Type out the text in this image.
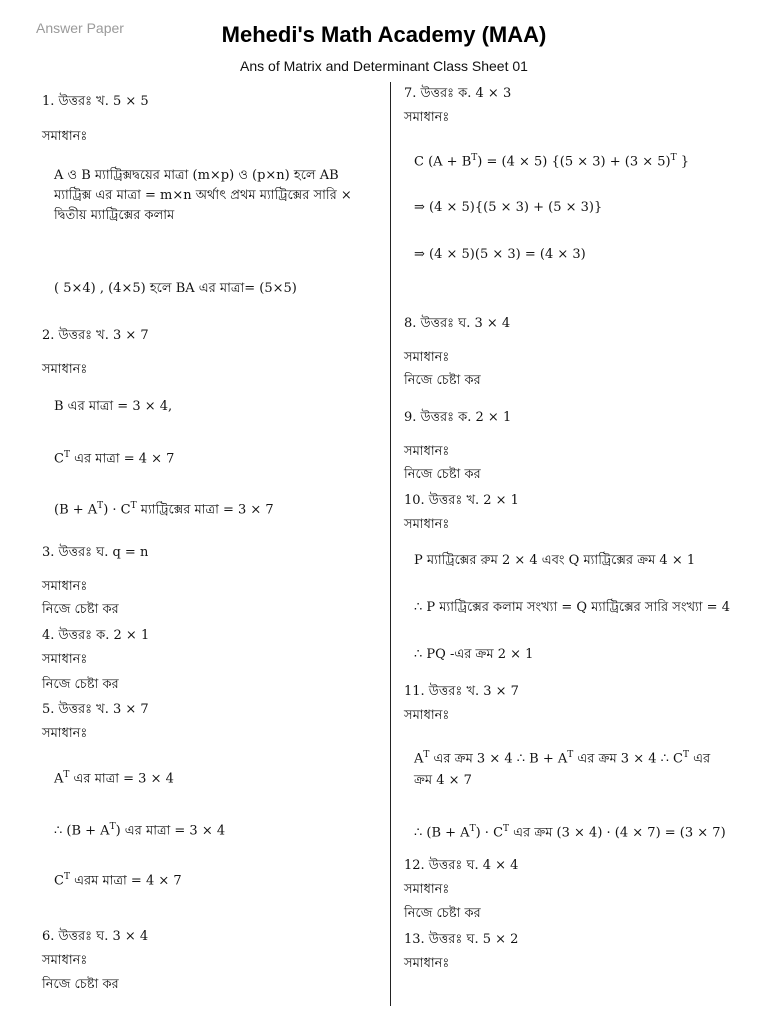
Answer Paper	Mehedi's Math Academy (MAA)
Ans of Matrix and Determinant Class Sheet 01
1. উত্তরঃ খ. 5 × 5
সমাধানঃ
A ও B ম্যাট্রিক্সদ্বয়ের মাত্রা (m×p) ও (p×n) হলে AB ম্যাট্রিক্স এর মাত্রা = m×n অর্থাৎ প্রথম ম্যাট্রিক্সের সারি × দ্বিতীয় ম্যাট্রিক্সের কলাম
( 5×4) , (4×5) হলে BA এর মাত্রা= (5×5)
2. উত্তরঃ খ. 3 × 7
সমাধানঃ
B এর মাত্রা = 3 × 4,
$C^T$ এর মাত্রা = 4 × 7
$(B + A^T) \cdot C^T$ ম্যাট্রিক্সের মাত্রা = 3 × 7
3. উত্তরঃ ঘ. q = n
সমাধানঃ
নিজে চেষ্টা কর
4. উত্তরঃ ক. 2 × 1
সমাধানঃ
নিজে চেষ্টা কর
5. উত্তরঃ খ. 3 × 7
সমাধানঃ
$A^T$ এর মাত্রা = 3 × 4
∴ $(B + A^T)$ এর মাত্রা = 3 × 4
$C^T$ এরম মাত্রা = 4 × 7
6. উত্তরঃ ঘ. 3 × 4
সমাধানঃ
নিজে চেষ্টা কর
7. উত্তরঃ ক. 4 × 3
সমাধানঃ
C $(A + B^T) = (4 \times 5)$ {$(5 \times 3) + (3 \times 5)^T$ }
⇒ (4 × 5){(5 × 3) + (5 × 3)}
⇒ (4 × 5)(5 × 3) = (4 × 3)
8. উত্তরঃ ঘ. 3 × 4
সমাধানঃ
নিজে চেষ্টা কর
9. উত্তরঃ ক. 2 × 1
সমাধানঃ
নিজে চেষ্টা কর
10. উত্তরঃ খ. 2 × 1
সমাধানঃ
P ম্যাট্রিক্সের রুম 2 × 4 এবং Q ম্যাট্রিক্সের ক্রম 4 × 1
∴ P ম্যাট্রিক্সের কলাম সংখ্যা = Q ম্যাট্রিক্সের সারি সংখ্যা = 4
∴ PQ -এর ক্রম 2 × 1
11. উত্তরঃ খ. 3 × 7
সমাধানঃ
$A^T$ এর ক্রম 3 × 4 ∴ $B + A^T$ এর ক্রম 3 × 4 ∴ $C^T$ এর
ক্রম 4 × 7
∴ $(B + A^T) \cdot C^T$ এর ক্রম (3 × 4) · (4 × 7) = (3 × 7)
12. উত্তরঃ ঘ. 4 × 4
সমাধানঃ
নিজে চেষ্টা কর
13. উত্তরঃ ঘ. 5 × 2
সমাধানঃ
